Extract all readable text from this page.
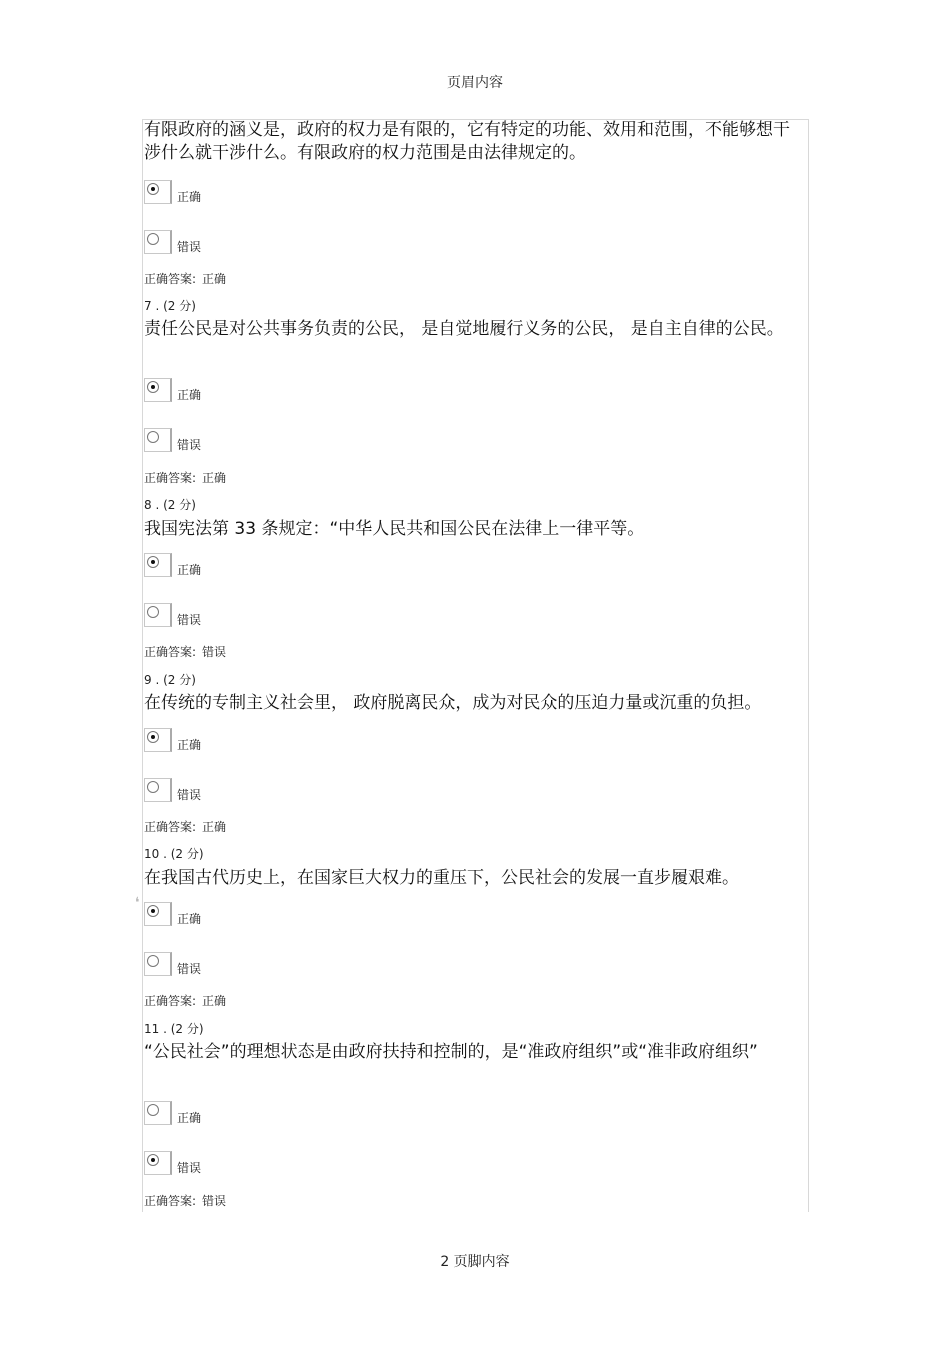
页眉内容
❛
有限政府的涵义是，政府的权力是有限的，它有特定的功能、效用和范围，不能够想干涉什么就干涉什么。有限政府的权力范围是由法律规定的。
正确
错误
正确答案: 正确
7 . (2 分)
责任公民是对公共事务负责的公民， 是自觉地履行义务的公民， 是自主自律的公民。
正确
错误
正确答案: 正确
8 . (2 分)
我国宪法第 33 条规定：“中华人民共和国公民在法律上一律平等。
正确
错误
正确答案: 错误
9 . (2 分)
在传统的专制主义社会里， 政府脱离民众，成为对民众的压迫力量或沉重的负担。
正确
错误
正确答案: 正确
10 . (2 分)
在我国古代历史上，在国家巨大权力的重压下，公民社会的发展一直步履艰难。
正确
错误
正确答案: 正确
11 . (2 分)
“公民社会”的理想状态是由政府扶持和控制的，是“准政府组织”或“准非政府组织”
正确
错误
正确答案: 错误
2 页脚内容
